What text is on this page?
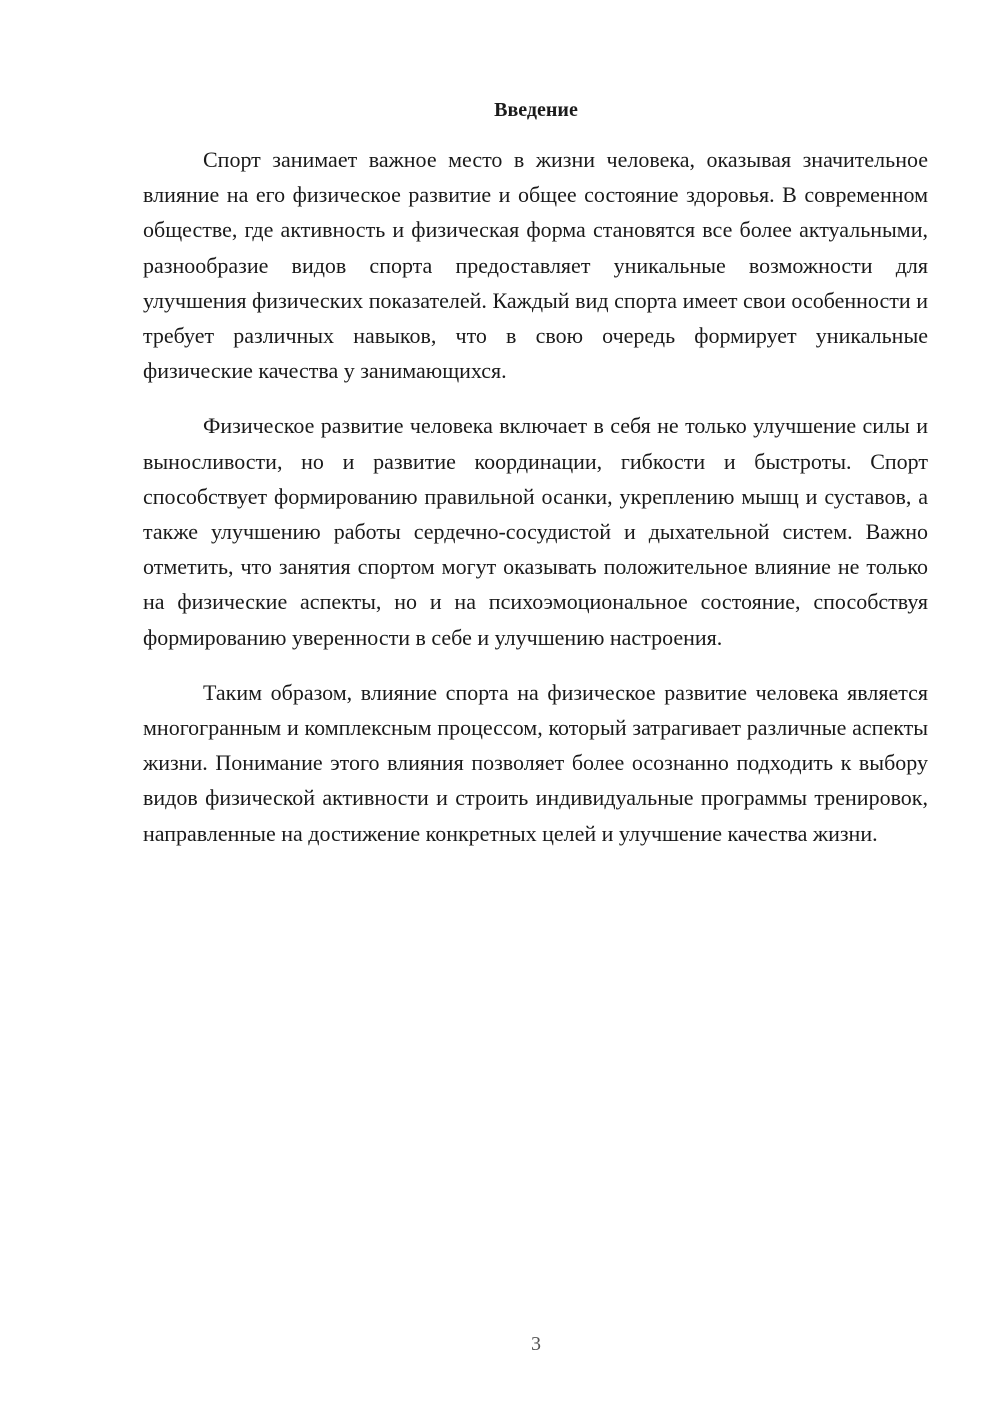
Введение

Спорт занимает важное место в жизни человека, оказывая значительное влияние на его физическое развитие и общее состояние здоровья. В современном обществе, где активность и физическая форма становятся все более актуальными, разнообразие видов спорта предоставляет уникальные возможности для улучшения физических показателей. Каждый вид спорта имеет свои особенности и требует различных навыков, что в свою очередь формирует уникальные физические качества у занимающихся.

Физическое развитие человека включает в себя не только улучшение силы и выносливости, но и развитие координации, гибкости и быстроты. Спорт способствует формированию правильной осанки, укреплению мышц и суставов, а также улучшению работы сердечно-сосудистой и дыхательной систем. Важно отметить, что занятия спортом могут оказывать положительное влияние не только на физические аспекты, но и на психоэмоциональное состояние, способствуя формированию уверенности в себе и улучшению настроения.

Таким образом, влияние спорта на физическое развитие человека является многогранным и комплексным процессом, который затрагивает различные аспекты жизни. Понимание этого влияния позволяет более осознанно подходить к выбору видов физической активности и строить индивидуальные программы тренировок, направленные на достижение конкретных целей и улучшение качества жизни.

3
